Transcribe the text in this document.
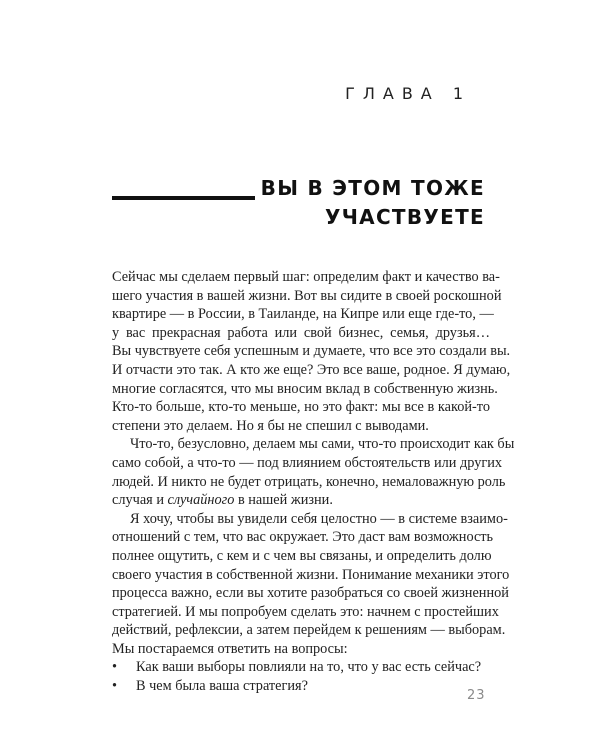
ГЛАВА 1
ВЫ В ЭТОМ ТОЖЕ
УЧАСТВУЕТЕ
Сейчас мы сделаем первый шаг: определим факт и качество ва-
шего участия в вашей жизни. Вот вы сидите в своей роскошной
квартире — в России, в Таиланде, на Кипре или еще где-то, —
у вас прекрасная работа или свой бизнес, семья, друзья…
Вы чувствуете себя успешным и думаете, что все это создали вы.
И отчасти это так. А кто же еще? Это все ваше, родное. Я думаю,
многие согласятся, что мы вносим вклад в собственную жизнь.
Кто-то больше, кто-то меньше, но это факт: мы все в какой-то
степени это делаем. Но я бы не спешил с выводами.
Что-то, безусловно, делаем мы сами, что-то происходит как бы
само собой, а что-то — под влиянием обстоятельств или других
людей. И никто не будет отрицать, конечно, немаловажную роль
случая и случайного в нашей жизни.
Я хочу, чтобы вы увидели себя целостно — в системе взаимо-
отношений с тем, что вас окружает. Это даст вам возможность
полнее ощутить, с кем и с чем вы связаны, и определить долю
своего участия в собственной жизни. Понимание механики этого
процесса важно, если вы хотите разобраться со своей жизненной
стратегией. И мы попробуем сделать это: начнем с простейших
действий, рефлексии, а затем перейдем к решениям — выборам.
Мы постараемся ответить на вопросы:
• Как ваши выборы повлияли на то, что у вас есть сейчас?
• В чем была ваша стратегия?
23
